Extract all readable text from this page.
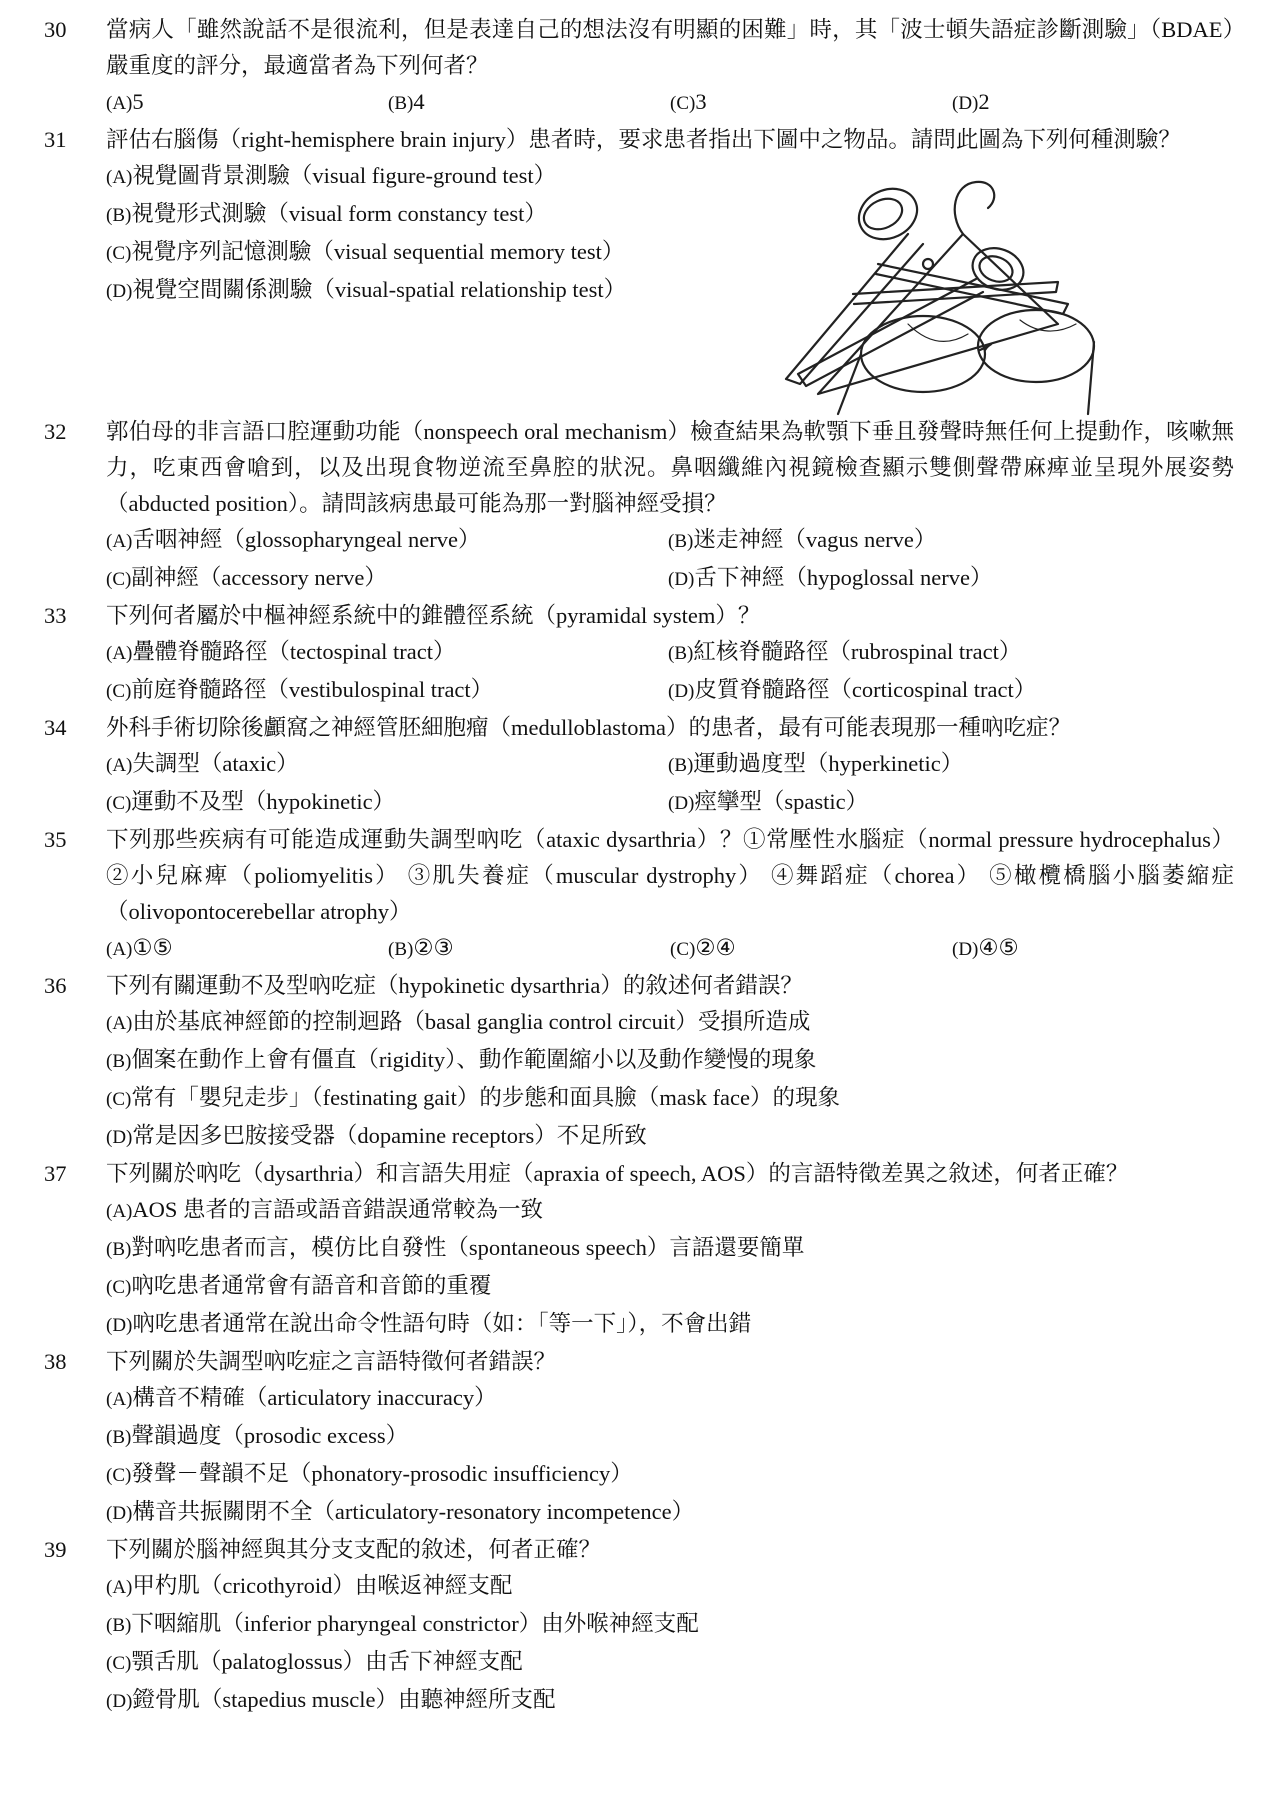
30	當病人「雖然說話不是很流利，但是表達自己的想法沒有明顯的困難」時，其「波士頓失語症診斷測驗」（BDAE）嚴重度的評分，最適當者為下列何者？
(A)5	(B)4	(C)3	(D)2
31	評估右腦傷（right-hemisphere brain injury）患者時，要求患者指出下圖中之物品。請問此圖為下列何種測驗？
(A)視覺圖背景測驗（visual figure-ground test）
(B)視覺形式測驗（visual form constancy test）
(C)視覺序列記憶測驗（visual sequential memory test）
(D)視覺空間關係測驗（visual-spatial relationship test）
32	郭伯母的非言語口腔運動功能（nonspeech oral mechanism）檢查結果為軟顎下垂且發聲時無任何上提動作，咳嗽無力，吃東西會嗆到，以及出現食物逆流至鼻腔的狀況。鼻咽纖維內視鏡檢查顯示雙側聲帶麻痺並呈現外展姿勢（abducted position）。請問該病患最可能為那一對腦神經受損？
(A)舌咽神經（glossopharyngeal nerve）	(B)迷走神經（vagus nerve）
(C)副神經（accessory nerve）	(D)舌下神經（hypoglossal nerve）
33	下列何者屬於中樞神經系統中的錐體徑系統（pyramidal system）？
(A)疊體脊髓路徑（tectospinal tract）	(B)紅核脊髓路徑（rubrospinal tract）
(C)前庭脊髓路徑（vestibulospinal tract）	(D)皮質脊髓路徑（corticospinal tract）
34	外科手術切除後顱窩之神經管胚細胞瘤（medulloblastoma）的患者，最有可能表現那一種吶吃症？
(A)失調型（ataxic）	(B)運動過度型（hyperkinetic）
(C)運動不及型（hypokinetic）	(D)痙攣型（spastic）
35	下列那些疾病有可能造成運動失調型吶吃（ataxic dysarthria）？①常壓性水腦症（normal pressure hydrocephalus） ②小兒麻痺（poliomyelitis） ③肌失養症（muscular dystrophy） ④舞蹈症（chorea） ⑤橄欖橋腦小腦萎縮症（olivopontocerebellar atrophy）
(A)①⑤	(B)②③	(C)②④	(D)④⑤
36	下列有關運動不及型吶吃症（hypokinetic dysarthria）的敘述何者錯誤？
(A)由於基底神經節的控制迴路（basal ganglia control circuit）受損所造成
(B)個案在動作上會有僵直（rigidity）、動作範圍縮小以及動作變慢的現象
(C)常有「嬰兒走步」（festinating gait）的步態和面具臉（mask face）的現象
(D)常是因多巴胺接受器（dopamine receptors）不足所致
37	下列關於吶吃（dysarthria）和言語失用症（apraxia of speech, AOS）的言語特徵差異之敘述，何者正確？
(A)AOS 患者的言語或語音錯誤通常較為一致
(B)對吶吃患者而言，模仿比自發性（spontaneous speech）言語還要簡單
(C)吶吃患者通常會有語音和音節的重覆
(D)吶吃患者通常在說出命令性語句時（如：「等一下」），不會出錯
38	下列關於失調型吶吃症之言語特徵何者錯誤？
(A)構音不精確（articulatory inaccuracy）
(B)聲韻過度（prosodic excess）
(C)發聲－聲韻不足（phonatory-prosodic insufficiency）
(D)構音共振關閉不全（articulatory-resonatory incompetence）
39	下列關於腦神經與其分支支配的敘述，何者正確？
(A)甲杓肌（cricothyroid）由喉返神經支配
(B)下咽縮肌（inferior pharyngeal constrictor）由外喉神經支配
(C)顎舌肌（palatoglossus）由舌下神經支配
(D)鐙骨肌（stapedius muscle）由聽神經所支配
